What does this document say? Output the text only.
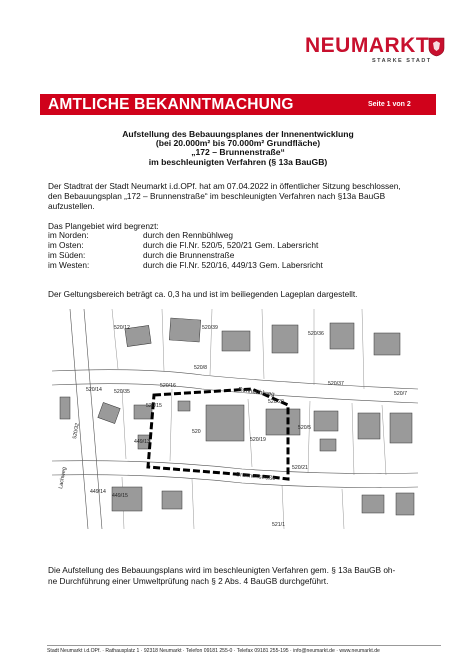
NEUMARKT
STARKE STADT
AMTLICHE BEKANNTMACHUNG	Seite 1 von 2
Aufstellung des Bebauungsplanes der Innenentwicklung
(bei 20.000m² bis 70.000m² Grundfläche)
„172 – Brunnenstraße“
im beschleunigten Verfahren (§ 13a BauGB)
Der Stadtrat der Stadt Neumarkt i.d.OPf. hat am 07.04.2022 in öffentlicher Sitzung beschlossen,
den Bebauungsplan „172 – Brunnenstraße“ im beschleunigten Verfahren nach §13a BauGB
aufzustellen.
Das Plangebiet wird begrenzt:
im Norden:	durch den Rennbühlweg
im Osten:	durch die Fl.Nr. 520/5, 520/21 Gem. Labersricht
im Süden:	durch die Brunnenstraße
im Westen:	durch die Fl.Nr. 520/16, 449/13 Gem. Labersricht
Der Geltungsbereich beträgt ca. 0,3 ha und ist im beiliegenden Lageplan dargestellt.
Rennbühlweg
Brunnenstraße
Lachweg
520/12	520/39
520/8
520/36
520/37
520/7
520/14 520/35
520/16
520/20
520/15
520
520/5
520/32
449/13	520/19
520/21
449/14
449/15
521/1
Die Aufstellung des Bebauungsplans wird im beschleunigten Verfahren gem. § 13a BauGB oh-
ne Durchführung einer Umweltprüfung nach § 2 Abs. 4 BauGB durchgeführt.
Stadt Neumarkt i.d.OPf. · Rathausplatz 1 · 92318 Neumarkt · Telefon 09181 255-0 · Telefax 09181 255-195 · info@neumarkt.de · www.neumarkt.de
